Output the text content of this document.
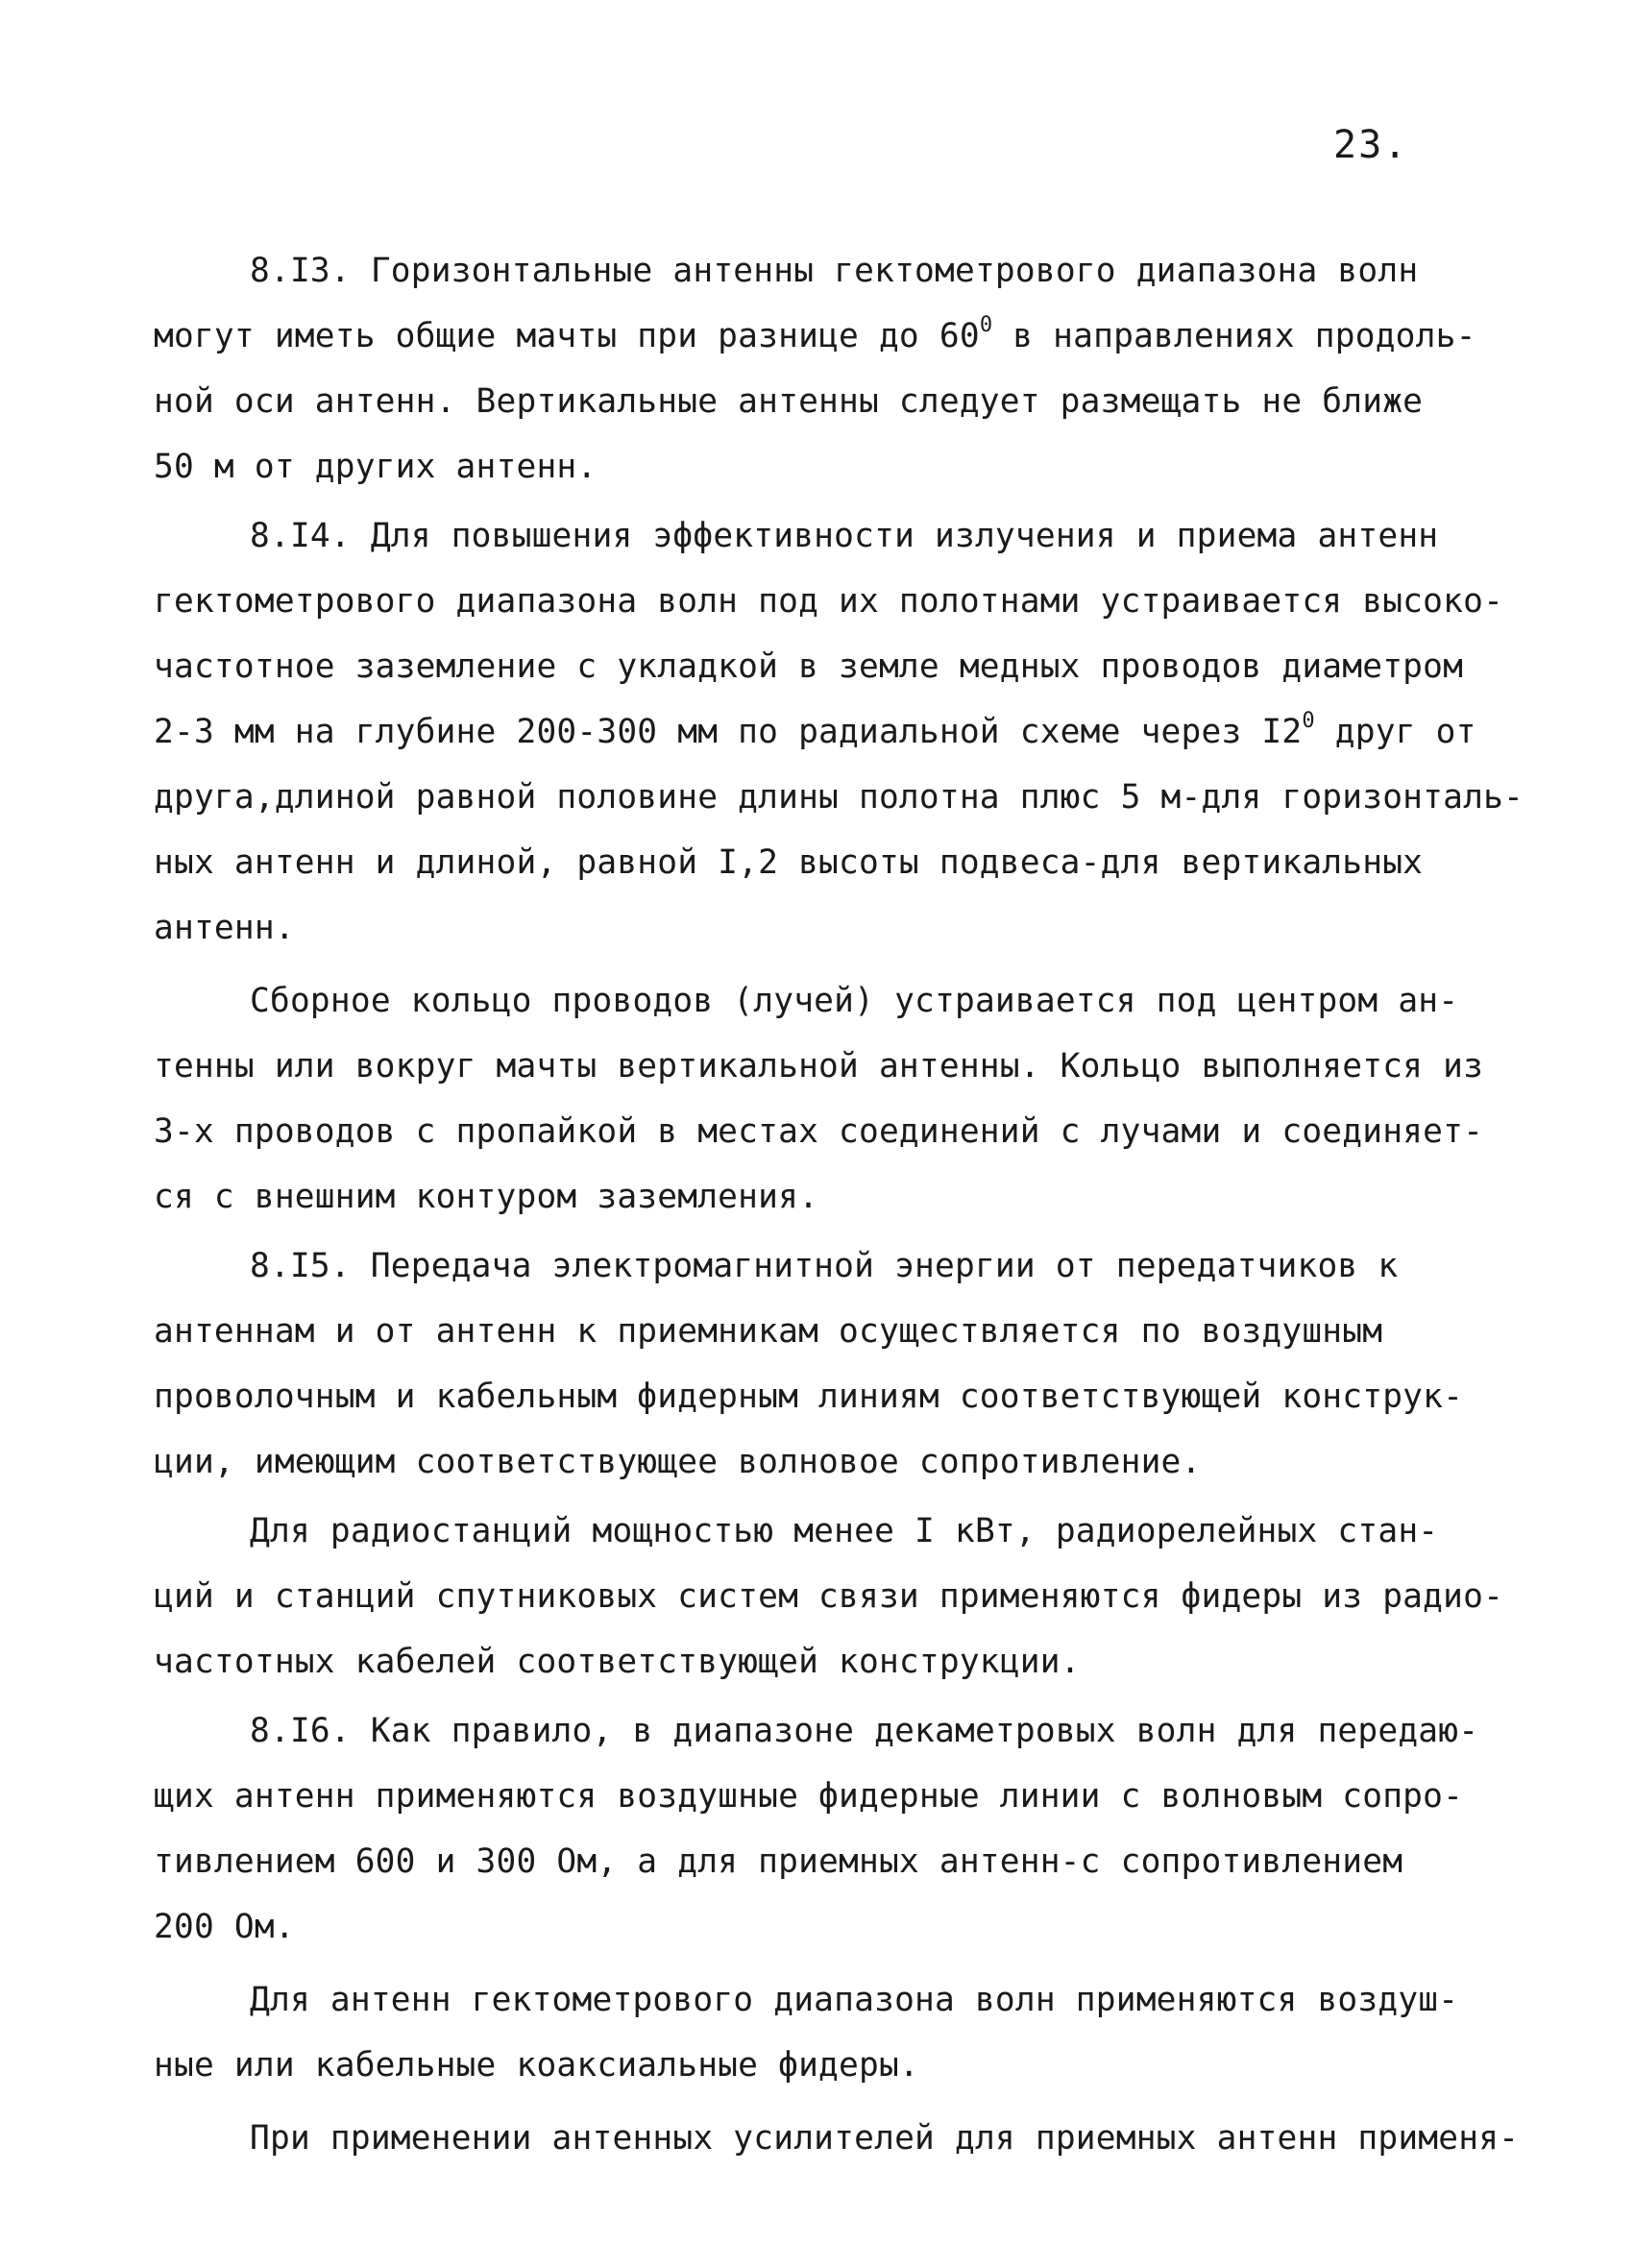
23.
8.I3. Горизонтальные антенны гектометрового диапазона волн
могут иметь общие мачты при разнице до $60^0$ в направлениях продоль-
ной оси антенн. Вертикальные антенны следует размещать не ближе
50 м от других антенн.
8.I4. Для повышения эффективности излучения и приема антенн
гектометрового диапазона волн под их полотнами устраивается высоко-
частотное заземление с укладкой в земле медных проводов диаметром
2-3 мм на глубине 200-300 мм по радиальной схеме через $I2^0$ друг от
друга,длиной равной половине длины полотна плюс 5 м-для горизонталь-
ных антенн и длиной, равной I,2 высоты подвеса-для вертикальных
антенн.
Сборное кольцо проводов (лучей) устраивается под центром ан-
тенны или вокруг мачты вертикальной антенны. Кольцо выполняется из
3-х проводов с пропайкой в местах соединений с лучами и соединяет-
ся с внешним контуром заземления.
8.I5. Передача электромагнитной энергии от передатчиков к
антеннам и от антенн к приемникам осуществляется по воздушным
проволочным и кабельным фидерным линиям соответствующей конструк-
ции, имеющим соответствующее волновое сопротивление.
Для радиостанций мощностью менее I кВт, радиорелейных стан-
ций и станций спутниковых систем связи применяются фидеры из радио-
частотных кабелей соответствующей конструкции.
8.I6. Как правило, в диапазоне декаметровых волн для передаю-
щих антенн применяются воздушные фидерные линии с волновым сопро-
тивлением 600 и 300 Ом, а для приемных антенн-с сопротивлением
200 Ом.
Для антенн гектометрового диапазона волн применяются воздуш-
ные или кабельные коаксиальные фидеры.
При применении антенных усилителей для приемных антенн применя-
